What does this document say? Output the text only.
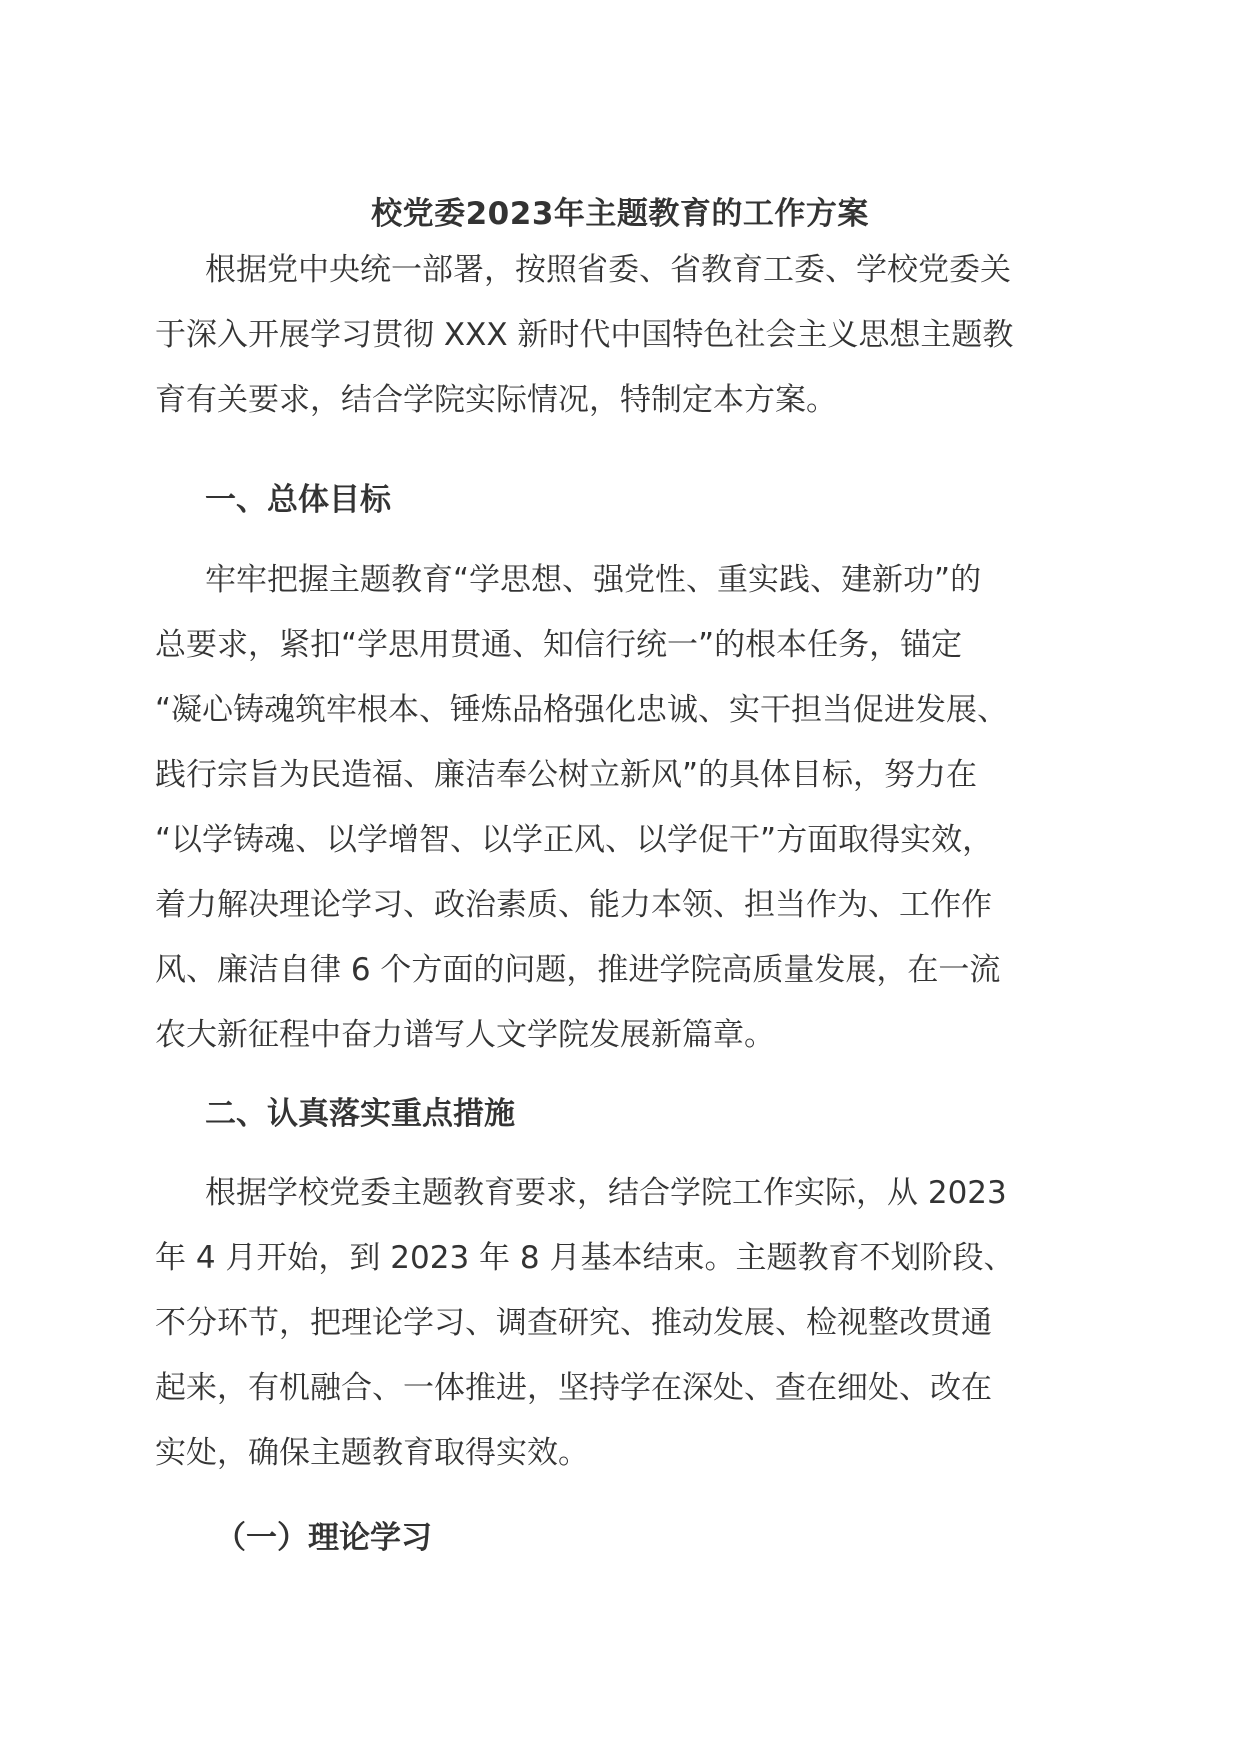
校党委2023年主题教育的工作方案
根据党中央统一部署，按照省委、省教育工委、学校党委关
于深入开展学习贯彻 XXX 新时代中国特色社会主义思想主题教
育有关要求，结合学院实际情况，特制定本方案。
一、总体目标
牢牢把握主题教育“学思想、强党性、重实践、建新功”的
总要求，紧扣“学思用贯通、知信行统一”的根本任务，锚定
“凝心铸魂筑牢根本、锤炼品格强化忠诚、实干担当促进发展、
践行宗旨为民造福、廉洁奉公树立新风”的具体目标，努力在
“以学铸魂、以学增智、以学正风、以学促干”方面取得实效，
着力解决理论学习、政治素质、能力本领、担当作为、工作作
风、廉洁自律 6 个方面的问题，推进学院高质量发展，在一流
农大新征程中奋力谱写人文学院发展新篇章。
二、认真落实重点措施
根据学校党委主题教育要求，结合学院工作实际，从 2023
年 4 月开始，到 2023 年 8 月基本结束。主题教育不划阶段、
不分环节，把理论学习、调查研究、推动发展、检视整改贯通
起来，有机融合、一体推进，坚持学在深处、查在细处、改在
实处，确保主题教育取得实效。
（一）理论学习
